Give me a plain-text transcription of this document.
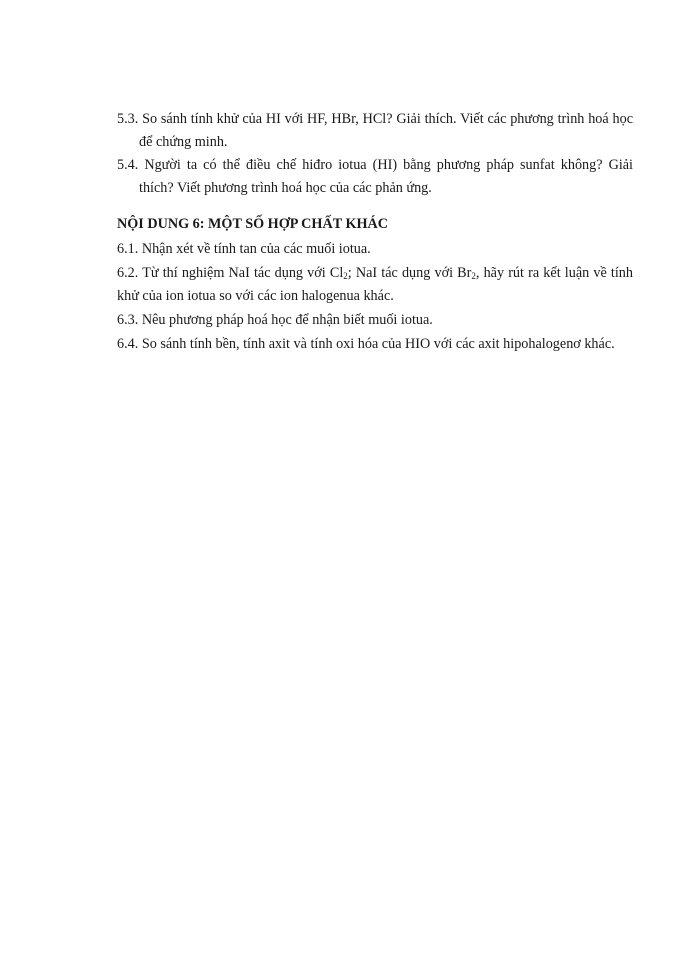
5.3. So sánh tính khử của HI với HF, HBr, HCl? Giải thích. Viết các phương trình hoá học để chứng minh.

5.4. Người ta có thể điều chế hiđro iotua (HI) bằng phương pháp sunfat không? Giải thích? Viết phương trình hoá học của các phản ứng.

NỘI DUNG 6: MỘT SỐ HỢP CHẤT KHÁC

6.1. Nhận xét về tính tan của các muối iotua.

6.2. Từ thí nghiệm NaI tác dụng với $Cl_2$; NaI tác dụng với $Br_2$, hãy rút ra kết luận về tính khử của ion iotua so với các ion halogenua khác.

6.3. Nêu phương pháp hoá học để nhận biết muối iotua.

6.4. So sánh tính bền, tính axit và tính oxi hóa của HIO với các axit hipohalogenơ khác.
